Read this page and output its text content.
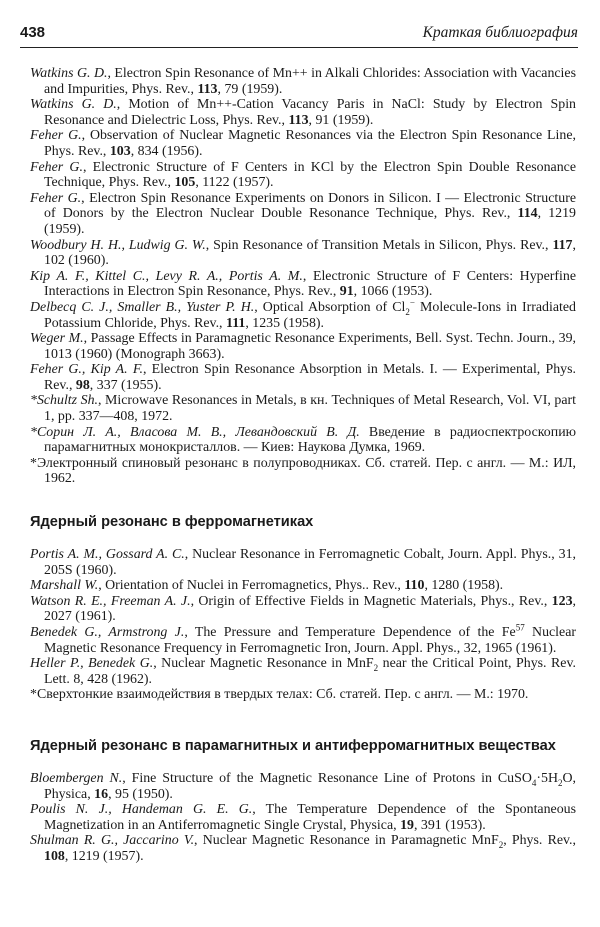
438	Краткая библиография

Watkins G. D., Electron Spin Resonance of Mn++ in Alkali Chlorides: Association with Vacancies and Impurities, Phys. Rev., 113, 79 (1959).

Watkins G. D., Motion of Mn++-Cation Vacancy Paris in NaCl: Study by Electron Spin Resonance and Dielectric Loss, Phys. Rev., 113, 91 (1959).

Feher G., Observation of Nuclear Magnetic Resonances via the Electron Spin Resonance Line, Phys. Rev., 103, 834 (1956).

Feher G., Electronic Structure of F Centers in KCl by the Electron Spin Double Resonance Technique, Phys. Rev., 105, 1122 (1957).

Feher G., Electron Spin Resonance Experiments on Donors in Silicon. I — Electronic Structure of Donors by the Electron Nuclear Double Resonance Technique, Phys. Rev., 114, 1219 (1959).

Woodbury H. H., Ludwig G. W., Spin Resonance of Transition Metals in Silicon, Phys. Rev., 117, 102 (1960).

Kip A. F., Kittel C., Levy R. A., Portis A. M., Electronic Structure of F Centers: Hyperfine Interactions in Electron Spin Resonance, Phys. Rev., 91, 1066 (1953).

Delbecq C. J., Smaller B., Yuster P. H., Optical Absorption of $Cl_2^-$ Molecule-Ions in Irradiated Potassium Chloride, Phys. Rev., 111, 1235 (1958).

Weger M., Passage Effects in Paramagnetic Resonance Experiments, Bell. Syst. Techn. Journ., 39, 1013 (1960) (Monograph 3663).

Feher G., Kip A. F., Electron Spin Resonance Absorption in Metals. I. — Experimental, Phys. Rev., 98, 337 (1955).

*Schultz Sh., Microwave Resonances in Metals, в кн. Techniques of Metal Research, Vol. VI, part 1, pp. 337—408, 1972.

*Сорин Л. А., Власова М. В., Левандовский В. Д. Введение в радиоспектроскопию парамагнитных монокристаллов. — Киев: Наукова Думка, 1969.

*Электронный спиновый резонанс в полупроводниках. Сб. статей. Пер. с англ. — М.: ИЛ, 1962.

Ядерный резонанс в ферромагнетиках

Portis A. M., Gossard A. C., Nuclear Resonance in Ferromagnetic Cobalt, Journ. Appl. Phys., 31, 205S (1960).

Marshall W., Orientation of Nuclei in Ferromagnetics, Phys.. Rev., 110, 1280 (1958).

Watson R. E., Freeman A. J., Origin of Effective Fields in Magnetic Materials, Phys., Rev., 123, 2027 (1961).

Benedek G., Armstrong J., The Pressure and Temperature Dependence of the Fe$^{57}$ Nuclear Magnetic Resonance Frequency in Ferromagnetic Iron, Journ. Appl. Phys., 32, 1965 (1961).

Heller P., Benedek G., Nuclear Magnetic Resonance in MnF$_2$ near the Critical Point, Phys. Rev. Lett. 8, 428 (1962).

*Сверхтонкие взаимодействия в твердых телах: Сб. статей. Пер. с англ. — М.: 1970.

Ядерный резонанс в парамагнитных и антиферромагнитных веществах

Bloembergen N., Fine Structure of the Magnetic Resonance Line of Protons in $CuSO_4\cdot 5H_2O$, Physica, 16, 95 (1950).

Poulis N. J., Handeman G. E. G., The Temperature Dependence of the Spontaneous Magnetization in an Antiferromagnetic Single Crystal, Physica, 19, 391 (1953).

Shulman R. G., Jaccarino V., Nuclear Magnetic Resonance in Paramagnetic MnF$_2$, Phys. Rev., 108, 1219 (1957).
